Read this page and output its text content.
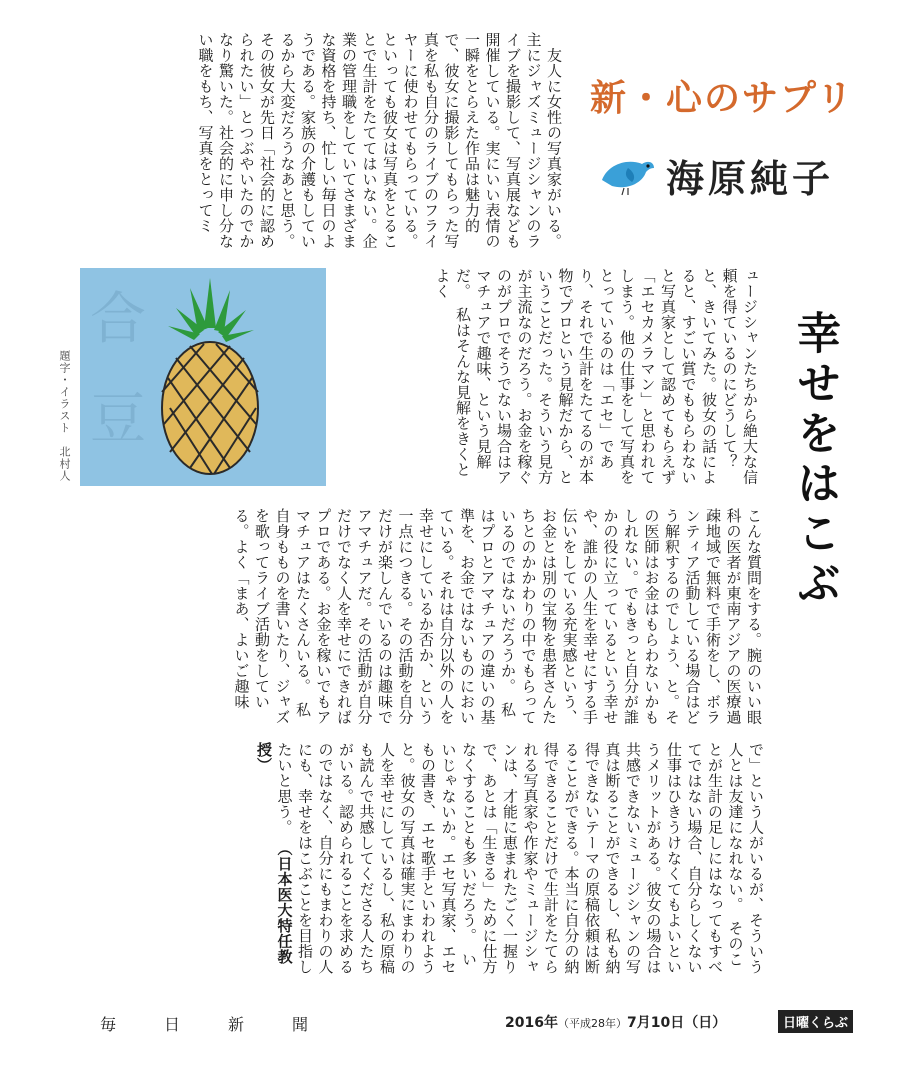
新・心のサプリ
海原純子
幸せをはこぶ

　友人に女性の写真家がいる。主にジャズミュージシャンのライブを撮影して、写真展なども開催している。実にいい表情の一瞬をとらえた作品は魅力的で、彼女に撮影してもらった写真を私も自分のライブのフライヤーに使わせてもらっている。　といっても彼女は写真をとることで生計をたててはいない。企業の管理職をしていてさまざまな資格を持ち、忙しい毎日のようである。家族の介護もしているから大変だろうなあと思う。　その彼女が先日「社会的に認められたい」とつぶやいたのでかなり驚いた。社会的に申し分ない職をもち、写真をとってミ

ュージシャンたちから絶大な信頼を得ているのにどうして？と、きいてみた。彼女の話によると、すごい賞でももらわないと写真家として認めてもらえず「エセカメラマン」と思われてしまう。他の仕事をして写真をとっているのは「エセ」であり、それで生計をたてるのが本物でプロという見解だから、ということだった。そういう見方が主流なのだろう。お金を稼ぐのがプロでそうでない場合はアマチュアで趣味、という見解だ。　私はそんな見解をきくとよく

こんな質問をする。腕のいい眼科の医者が東南アジアの医療過疎地域で無料で手術をし、ボランティア活動している場合はどう解釈するのでしょう、と。その医師はお金はもらわないかもしれない。でもきっと自分が誰かの役に立っているという幸せや、誰かの人生を幸せにする手伝いをしている充実感という、お金とは別の宝物を患者さんたちとのかかわりの中でもらっているのではないだろうか。　私はプロとアマチュアの違いの基準を、お金ではないものにおいている。それは自分以外の人を幸せにしているか否か、という一点につきる。その活動を自分だけが楽しんでいるのは趣味でアマチュアだ。その活動が自分だけでなく人を幸せにできればプロである。お金を稼いでもアマチュアはたくさんいる。　私自身もものを書いたり、ジャズを歌ってライブ活動をしている。よく「まあ、よいご趣味

で」という人がいるが、そういう人とは友達になれない。　そのことが生計の足しにはなってもすべてではない場合、自分らしくない仕事はひきうけなくてもよいというメリットがある。彼女の場合は共感できないミュージシャンの写真は断ることができるし、私も納得できないテーマの原稿依頼は断ることができる。本当に自分の納得できることだけで生計をたてられる写真家や作家やミュージシャンは、才能に恵まれたごく一握りで、あとは「生きる」ために仕方なくすることも多いだろう。　いいじゃないか。エセ写真家、エセもの書き、エセ歌手といわれようと。彼女の写真は確実にまわりの人を幸せにしているし、私の原稿も読んで共感してくださる人たちがいる。認められることを求めるのではなく、自分にもまわりの人にも、幸せをはこぶことを目指したいと思う。 （日本医大特任教授）

合
豆
題字・イラスト　北村人
毎日新聞	2016年（平成28年）7月10日（日）	日曜くらぶ
